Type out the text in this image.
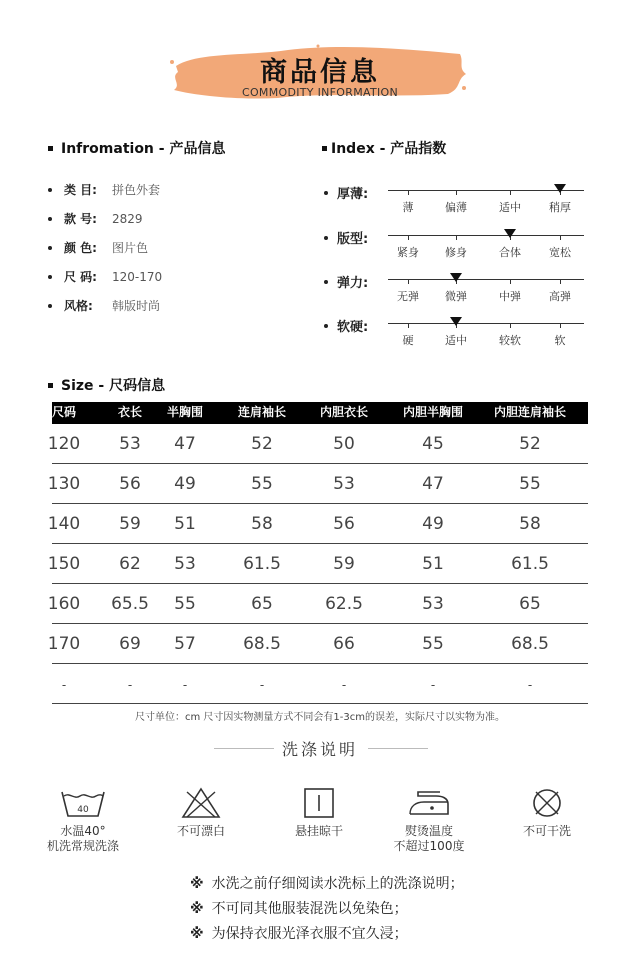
商品信息
COMMODITY INFORMATION
Infromation - 产品信息
类 目: 拼色外套
款 号: 2829
颜 色: 图片色
尺 码: 120-170
风格: 韩版时尚
Index - 产品指数
厚薄:
薄	偏薄	适中	稍厚
版型:
紧身 修身	合体	宽松
弹力:
无弹 微弹	中弹	高弹
软硬:
硬	适中	较软	软
Size - 尺码信息
尺码	衣长 半胸围	连肩袖长	内胆衣长	内胆半胸围	内胆连肩袖长
120 53 47	52	50	45	52
130 56 49	55	53	47	55
140 59 51	58	56	49	58
150 62 53	61.5	59	51	61.5
160 65.5 55	65	62.5	53	65
170 69 57	68.5	66	55	68.5
-	-	-	-	-	-	-
尺寸单位：cm 尺寸因实物测量方式不同会有1-3cm的误差，实际尺寸以实物为准。
洗涤说明
40
水温40°
机洗常规洗涤
不可漂白	悬挂晾干	熨烫温度
不超过100度
不可干洗
※ 水洗之前仔细阅读水洗标上的洗涤说明；
※ 不可同其他服装混洗以免染色；
※ 为保持衣服光泽衣服不宜久浸；
